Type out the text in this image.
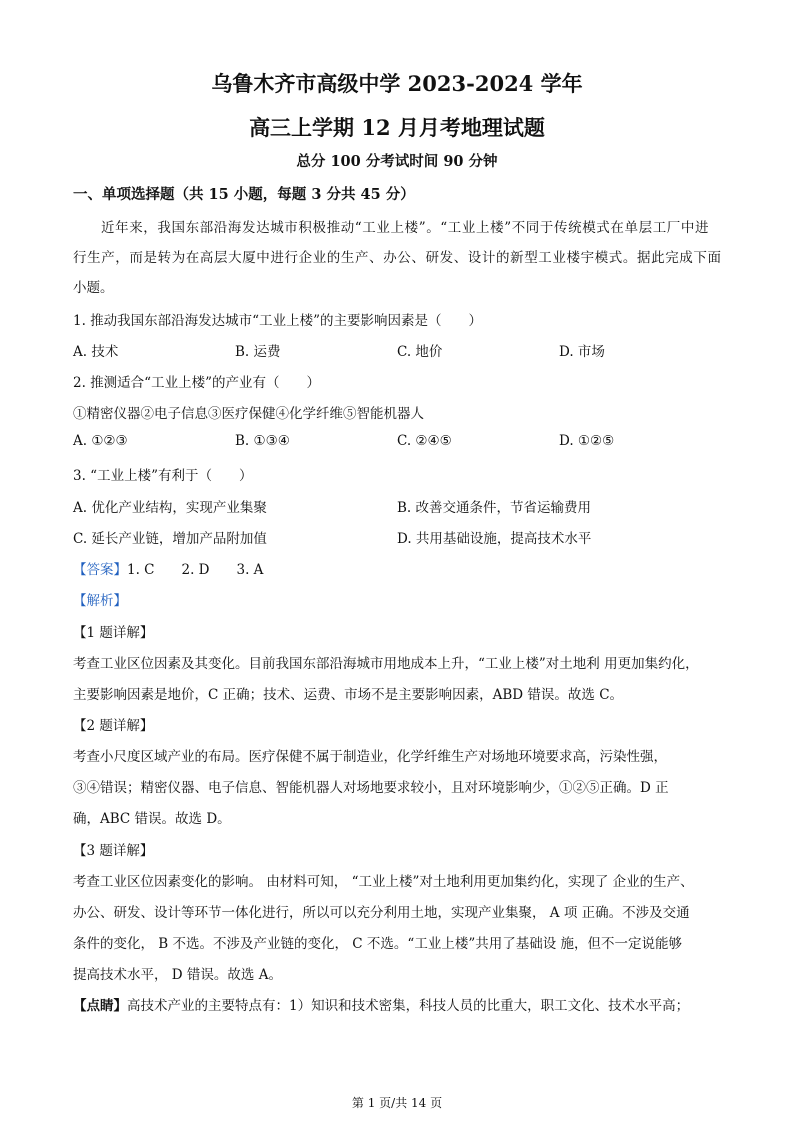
乌鲁木齐市高级中学 2023-2024 学年
高三上学期 12 月月考地理试题
总分 100 分考试时间 90 分钟
一、单项选择题（共 15 小题，每题 3 分共 45 分）
近年来，我国东部沿海发达城市积极推动“工业上楼”。“工业上楼”不同于传统模式在单层工厂中进
行生产，而是转为在高层大厦中进行企业的生产、办公、研发、设计的新型工业楼宇模式。据此完成下面
小题。
1. 推动我国东部沿海发达城市“工业上楼”的主要影响因素是（　　）
A. 技术	B. 运费	C. 地价	D. 市场
2. 推测适合“工业上楼”的产业有（　　）
①精密仪器②电子信息③医疗保健④化学纤维⑤智能机器人
A. ①②③	B. ①③④	C. ②④⑤	D. ①②⑤
3. “工业上楼”有利于（　　）
A. 优化产业结构，实现产业集聚	B. 改善交通条件，节省运输费用
C. 延长产业链，增加产品附加值	D. 共用基础设施，提高技术水平
【答案】1. C　　2. D　　3. A
【解析】
【1 题详解】
考查工业区位因素及其变化。目前我国东部沿海城市用地成本上升，“工业上楼”对土地利 用更加集约化，
主要影响因素是地价，C 正确；技术、运费、市场不是主要影响因素，ABD 错误。故选 C。
【2 题详解】
考查小尺度区域产业的布局。医疗保健不属于制造业，化学纤维生产对场地环境要求高，污染性强，
③④错误；精密仪器、电子信息、智能机器人对场地要求较小，且对环境影响少，①②⑤正确。D 正
确，ABC 错误。故选 D。
【3 题详解】
考查工业区位因素变化的影响。 由材料可知， “工业上楼”对土地利用更加集约化，实现了 企业的生产、
办公、研发、设计等环节一体化进行，所以可以充分利用土地，实现产业集聚， A 项 正确。不涉及交通
条件的变化， B 不选。不涉及产业链的变化， C 不选。“工业上楼”共用了基础设 施，但不一定说能够
提高技术水平， D 错误。故选 A。
【点睛】高技术产业的主要特点有：1）知识和技术密集，科技人员的比重大，职工文化、技术水平高；
第 1 页/共 14 页
